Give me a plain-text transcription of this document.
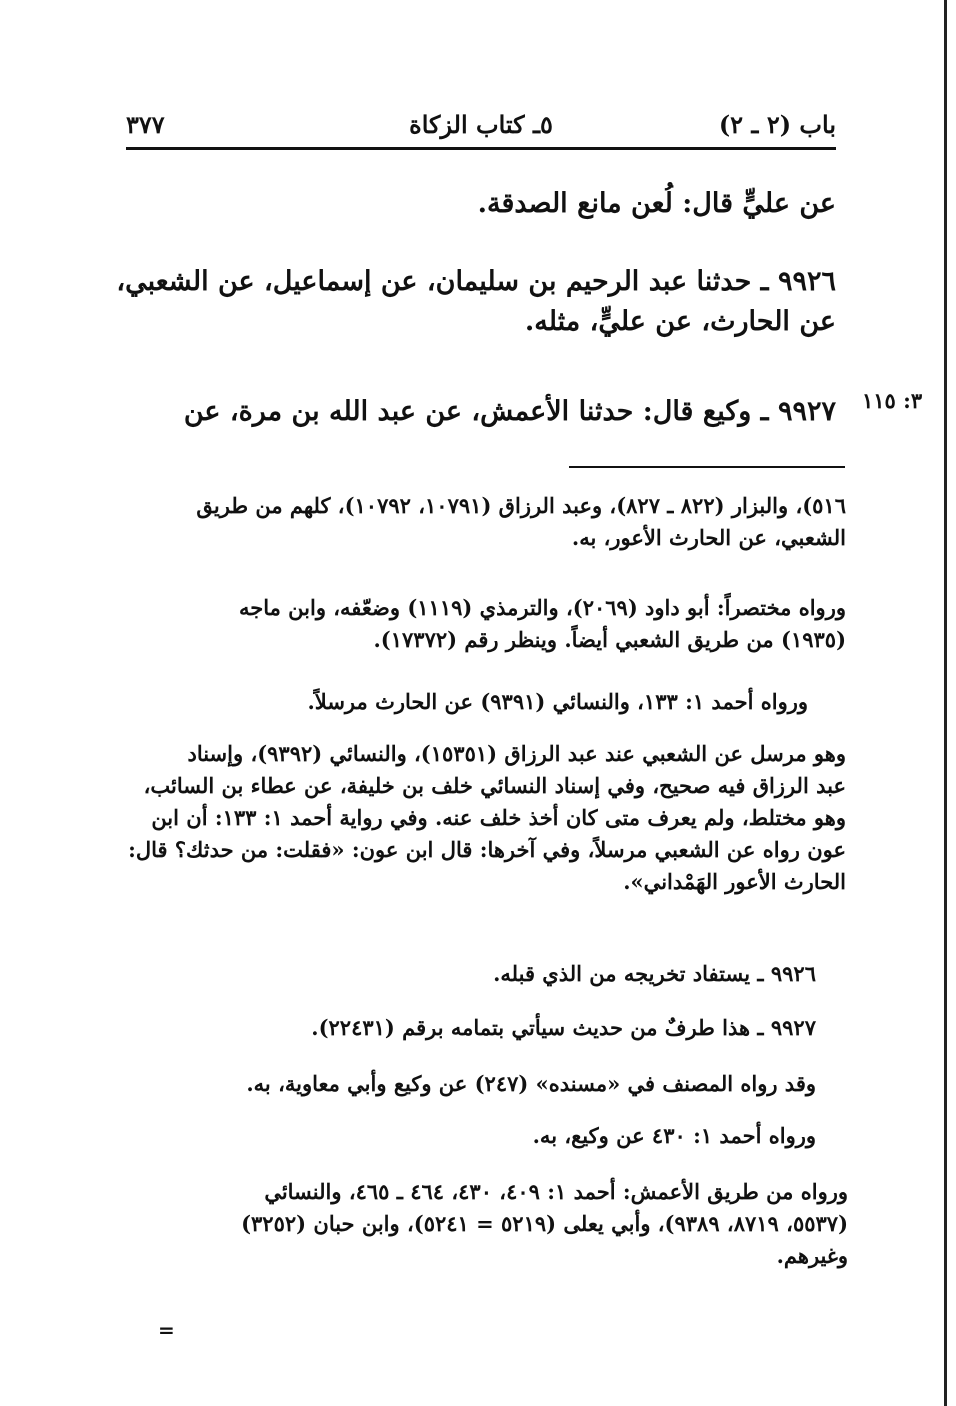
باب (٢ ـ ٢)
٥ـ كتاب الزكاة
٣٧٧
عن عليٍّ قال: لُعن مانع الصدقة.
٩٩٢٦ ـ حدثنا عبد الرحيم بن سليمان، عن إسماعيل، عن الشعبي،
عن الحارث، عن عليٍّ، مثله.
٩٩٢٧ ـ وكيع قال: حدثنا الأعمش، عن عبد الله بن مرة، عن ٣: ١١٥
٥١٦)، والبزار (٨٢٢ ـ ٨٢٧)، وعبد الرزاق (١٠٧٩١، ١٠٧٩٢)، كلهم من طريق
الشعبي، عن الحارث الأعور، به.
ورواه مختصراً: أبو داود (٢٠٦٩)، والترمذي (١١١٩) وضعّفه، وابن ماجه
(١٩٣٥) من طريق الشعبي أيضاً. وينظر رقم (١٧٣٧٢).
ورواه أحمد ١: ١٣٣، والنسائي (٩٣٩١) عن الحارث مرسلاً.
وهو مرسل عن الشعبي عند عبد الرزاق (١٥٣٥١)، والنسائي (٩٣٩٢)، وإسناد
عبد الرزاق فيه صحيح، وفي إسناد النسائي خلف بن خليفة، عن عطاء بن السائب،
وهو مختلط، ولم يعرف متى كان أخذ خلف عنه. وفي رواية أحمد ١: ١٣٣: أن ابن
عون رواه عن الشعبي مرسلاً، وفي آخرها: قال ابن عون: «فقلت: من حدثك؟ قال:
الحارث الأعور الهَمْداني».
٩٩٢٦ ـ يستفاد تخريجه من الذي قبله.
٩٩٢٧ ـ هذا طرفٌ من حديث سيأتي بتمامه برقم (٢٢٤٣١).
وقد رواه المصنف في «مسنده» (٢٤٧) عن وكيع وأبي معاوية، به.
ورواه أحمد ١: ٤٣٠ عن وكيع، به.
ورواه من طريق الأعمش: أحمد ١: ٤٠٩، ٤٣٠، ٤٦٤ ـ ٤٦٥، والنسائي
(٥٥٣٧، ٨٧١٩، ٩٣٨٩)، وأبي يعلى (٥٢١٩ = ٥٢٤١)، وابن حبان (٣٢٥٢)
وغيرهم.
=
